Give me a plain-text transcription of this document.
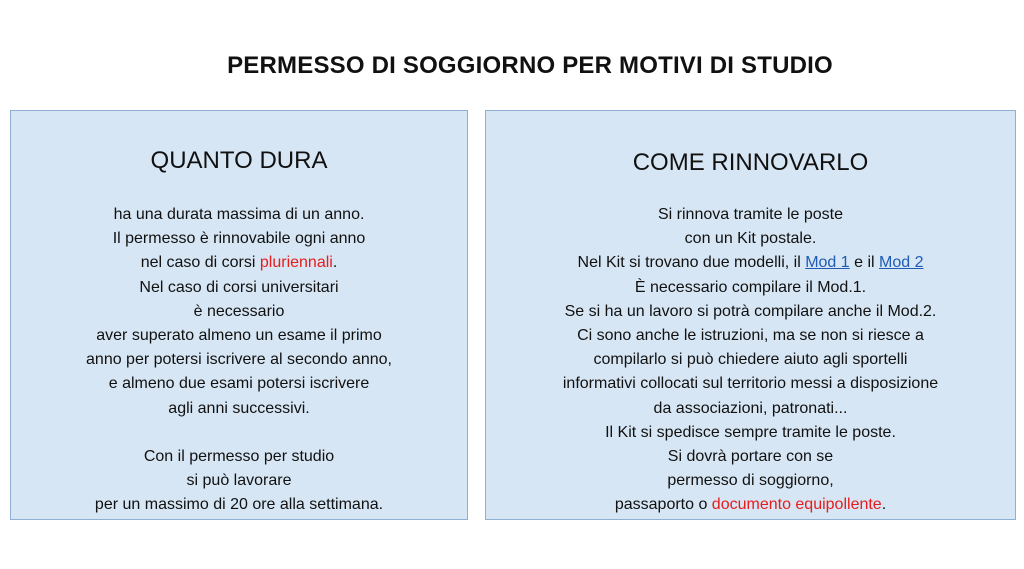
PERMESSO DI SOGGIORNO PER MOTIVI DI STUDIO
QUANTO DURA
ha una durata massima di un anno.
Il permesso è rinnovabile ogni anno
nel caso di corsi pluriennali.
Nel caso di corsi universitari
è necessario
aver superato almeno un esame il primo
anno per potersi iscrivere al secondo anno,
e almeno due esami potersi iscrivere
agli anni successivi.
Con il permesso per studio
si può lavorare
per un massimo di 20 ore alla settimana.
COME RINNOVARLO
Si rinnova tramite le poste
con un Kit postale.
Nel Kit si trovano due modelli, il Mod 1 e il Mod 2
È necessario compilare il Mod.1.
Se si ha un lavoro si potrà compilare anche il Mod.2.
Ci sono anche le istruzioni, ma se non si riesce a
compilarlo si può chiedere aiuto agli sportelli
informativi collocati sul territorio messi a disposizione
da associazioni, patronati...
Il Kit si spedisce sempre tramite le poste.
Si dovrà portare con se
permesso di soggiorno,
passaporto o documento equipollente.
